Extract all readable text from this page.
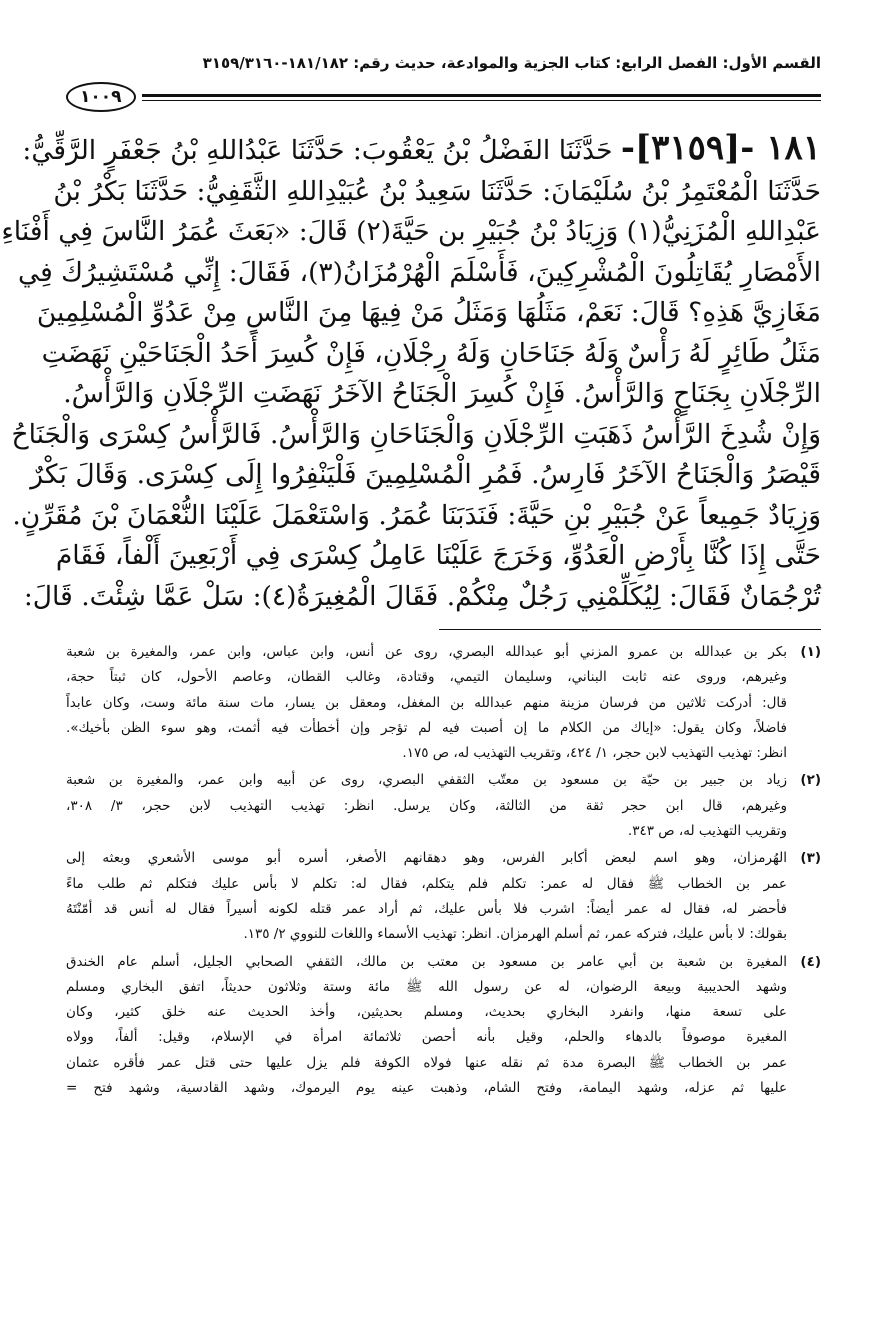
القسم الأول: الفصل الرابع: كتاب الجزية والموادعة، حديث رقم: ١٨١/١٨٢-٣١٥٩/٣١٦٠
١٠٠٩
١٨١ -[٣١٥٩]- حَدَّثَنَا الفَضْلُ بْنُ يَعْقُوبَ: حَدَّثَنَا عَبْدُاللهِ بْنُ جَعْفَرٍ الرَّقِّيُّ:
حَدَّثَنَا الْمُعْتَمِرُ بْنُ سُلَيْمَانَ: حَدَّثَنَا سَعِيدُ بْنُ عُبَيْدِاللهِ الثَّقَفِيُّ: حَدَّثَنَا بَكْرُ بْنُ
عَبْدِاللهِ الْمُزَنِيُّ(١) وَزِيَادُ بْنُ جُبَيْرِ بن حَيَّةَ(٢) قَالَ: «بَعَثَ عُمَرُ النَّاسَ فِي أَفْنَاءِ
الأَمْصَارِ يُقَاتِلُونَ الْمُشْرِكِينَ، فَأَسْلَمَ الْهُرْمُزَانُ(٣)، فَقَالَ: إِنِّي مُسْتَشِيرُكَ فِي
مَغَازِيَّ هَذِهِ؟ قَالَ: نَعَمْ، مَثَلُهَا وَمَثَلُ مَنْ فِيهَا مِنَ النَّاسِ مِنْ عَدُوِّ الْمُسْلِمِينَ
مَثَلُ طَائِرٍ لَهُ رَأْسٌ وَلَهُ جَنَاحَانِ وَلَهُ رِجْلَانِ، فَإِنْ كُسِرَ أَحَدُ الْجَنَاحَيْنِ نَهَضَتِ
الرِّجْلَانِ بِجَنَاحٍ وَالرَّأْسُ. فَإِنْ كُسِرَ الْجَنَاحُ الآخَرُ نَهَضَتِ الرِّجْلَانِ وَالرَّأْسُ.
وَإِنْ شُدِخَ الرَّأْسُ ذَهَبَتِ الرِّجْلَانِ وَالْجَنَاحَانِ وَالرَّأْسُ. فَالرَّأْسُ كِسْرَى وَالْجَنَاحُ
قَيْصَرُ وَالْجَنَاحُ الآخَرُ فَارِسُ. فَمُرِ الْمُسْلِمِينَ فَلْيَنْفِرُوا إِلَى كِسْرَى. وَقَالَ بَكْرٌ
وَزِيَادٌ جَمِيعاً عَنْ جُبَيْرِ بْنِ حَيَّةَ: فَنَدَبَنَا عُمَرُ. وَاسْتَعْمَلَ عَلَيْنَا النُّعْمَانَ بْنَ مُقَرِّنٍ.
حَتَّى إِذَا كُنَّا بِأَرْضِ الْعَدُوِّ، وَخَرَجَ عَلَيْنَا عَامِلُ كِسْرَى فِي أَرْبَعِينَ أَلْفاً، فَقَامَ
تُرْجُمَانٌ فَقَالَ: لِيُكَلِّمْنِي رَجُلٌ مِنْكُمْ. فَقَالَ الْمُغِيرَةُ(٤): سَلْ عَمَّا شِئْتَ. قَالَ:
(١)
بكر بن عبدالله بن عمرو المزني أبو عبدالله البصري، روى عن أنس، وابن عباس، وابن عمر، والمغيرة بن شعبة
وغيرهم، وروى عنه ثابت البناني، وسليمان التيمي، وقتادة، وغالب القطان، وعاصم الأحول، كان ثبتاً حجة،
قال: أدركت ثلاثين من فرسان مزينة منهم عبدالله بن المغفل، ومعقل بن يسار، مات سنة مائة وست، وكان عابداً
فاضلاً، وكان يقول: «إياك من الكلام ما إن أصبت فيه لم تؤجر وإن أخطأت فيه أثمت، وهو سوء الظن بأخيك».
انظر: تهذيب التهذيب لابن حجر، ١/ ٤٢٤، وتقريب التهذيب له، ص ١٧٥.
(٢)
زياد بن جبير بن حيّة بن مسعود بن معتّب الثقفي البصري، روى عن أبيه وابن عمر، والمغيرة بن شعبة
وغيرهم، قال ابن حجر ثقة من الثالثة، وكان يرسل. انظر: تهذيب التهذيب لابن حجر، ٣/ ٣٠٨،
وتقريب التهذيب له، ص ٣٤٣.
(٣)
الهُرمزان، وهو اسم لبعض أكابر الفرس، وهو دهقانهم الأصغر، أسره أبو موسى الأشعري وبعثه إلى
عمر بن الخطاب ﷺ فقال له عمر: تكلم فلم يتكلم، فقال له: تكلم لا بأس عليك فتكلم ثم طلب ماءً
فأحضر له، فقال له عمر أيضاً: اشرب فلا بأس عليك، ثم أراد عمر قتله لكونه أسيراً فقال له أنس قد أمّنْتَهُ
بقولك: لا بأس عليك، فتركه عمر، ثم أسلم الهرمزان. انظر: تهذيب الأسماء واللغات للنووي ٢/ ١٣٥.
(٤)
المغيرة بن شعبة بن أبي عامر بن مسعود بن معتب بن مالك، الثقفي الصحابي الجليل، أسلم عام الخندق
وشهد الحديبية وبيعة الرضوان، له عن رسول الله ﷺ مائة وستة وثلاثون حديثاً، اتفق البخاري ومسلم
على تسعة منها، وانفرد البخاري بحديث، ومسلم بحديثين، وأخذ الحديث عنه خلق كثير، وكان
المغيرة موصوفاً بالدهاء والحلم، وقيل بأنه أحصن ثلاثمائة امرأة في الإسلام، وقيل: ألفاً، وولاه
عمر بن الخطاب ﷺ البصرة مدة ثم نقله عنها فولاه الكوفة فلم يزل عليها حتى قتل عمر فأقره عثمان
عليها ثم عزله، وشهد اليمامة، وفتح الشام، وذهبت عينه يوم اليرموك، وشهد القادسية، وشهد فتح =
